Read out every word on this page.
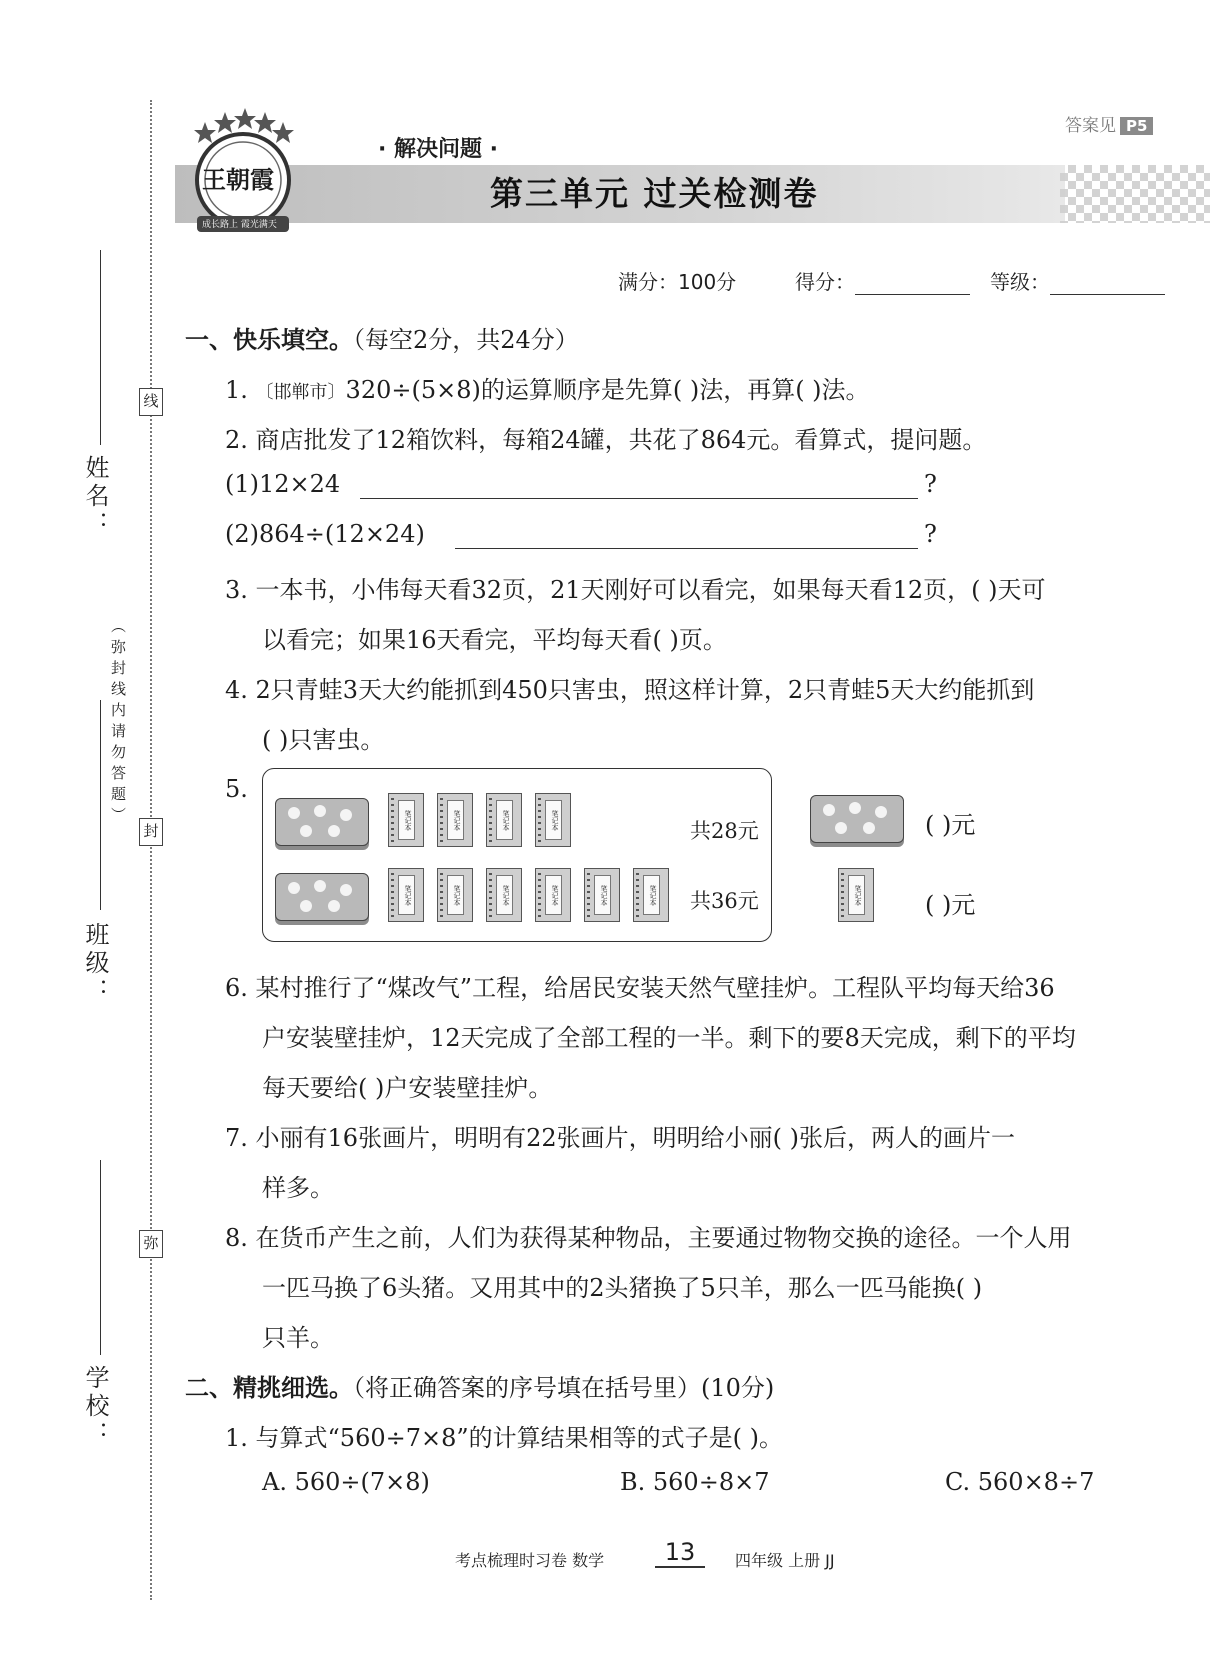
线
封
弥
（弥封线内请勿答题）
姓名：
班级：
学校：
王朝霞
成长路上 霞光满天
· 解决问题 ·
第三单元 过关检测卷
答案见 P5
满分：100分	得分：	等级：
一、快乐填空。（每空2分，共24分）
1. 〔邯郸市〕320÷(5×8)的运算顺序是先算( )法，再算( )法。
2. 商店批发了12箱饮料，每箱24罐，共花了864元。看算式，提问题。
(1)12×24	?
(2)864÷(12×24)	?
3. 一本书，小伟每天看32页，21天刚好可以看完，如果每天看12页，( )天可
以看完；如果16天看完，平均每天看( )页。
4. 2只青蛙3天大约能抓到450只害虫，照这样计算，2只青蛙5天大约能抓到
( )只害虫。
5.
笔记本	笔记本	笔记本	笔记本	共28元
笔记本	笔记本	笔记本	笔记本	笔记本	笔记本 共36元
( )元
笔记本	( )元
6. 某村推行了“煤改气”工程，给居民安装天然气壁挂炉。工程队平均每天给36
户安装壁挂炉，12天完成了全部工程的一半。剩下的要8天完成，剩下的平均
每天要给( )户安装壁挂炉。
7. 小丽有16张画片，明明有22张画片，明明给小丽( )张后，两人的画片一
样多。
8. 在货币产生之前，人们为获得某种物品，主要通过物物交换的途径。一个人用
一匹马换了6头猪。又用其中的2头猪换了5只羊，那么一匹马能换( )
只羊。
二、精挑细选。（将正确答案的序号填在括号里）(10分)
1. 与算式“560÷7×8”的计算结果相等的式子是( )。
A. 560÷(7×8)	B. 560÷8×7	C. 560×8÷7
考点梳理时习卷 数学	13	四年级 上册 JJ
